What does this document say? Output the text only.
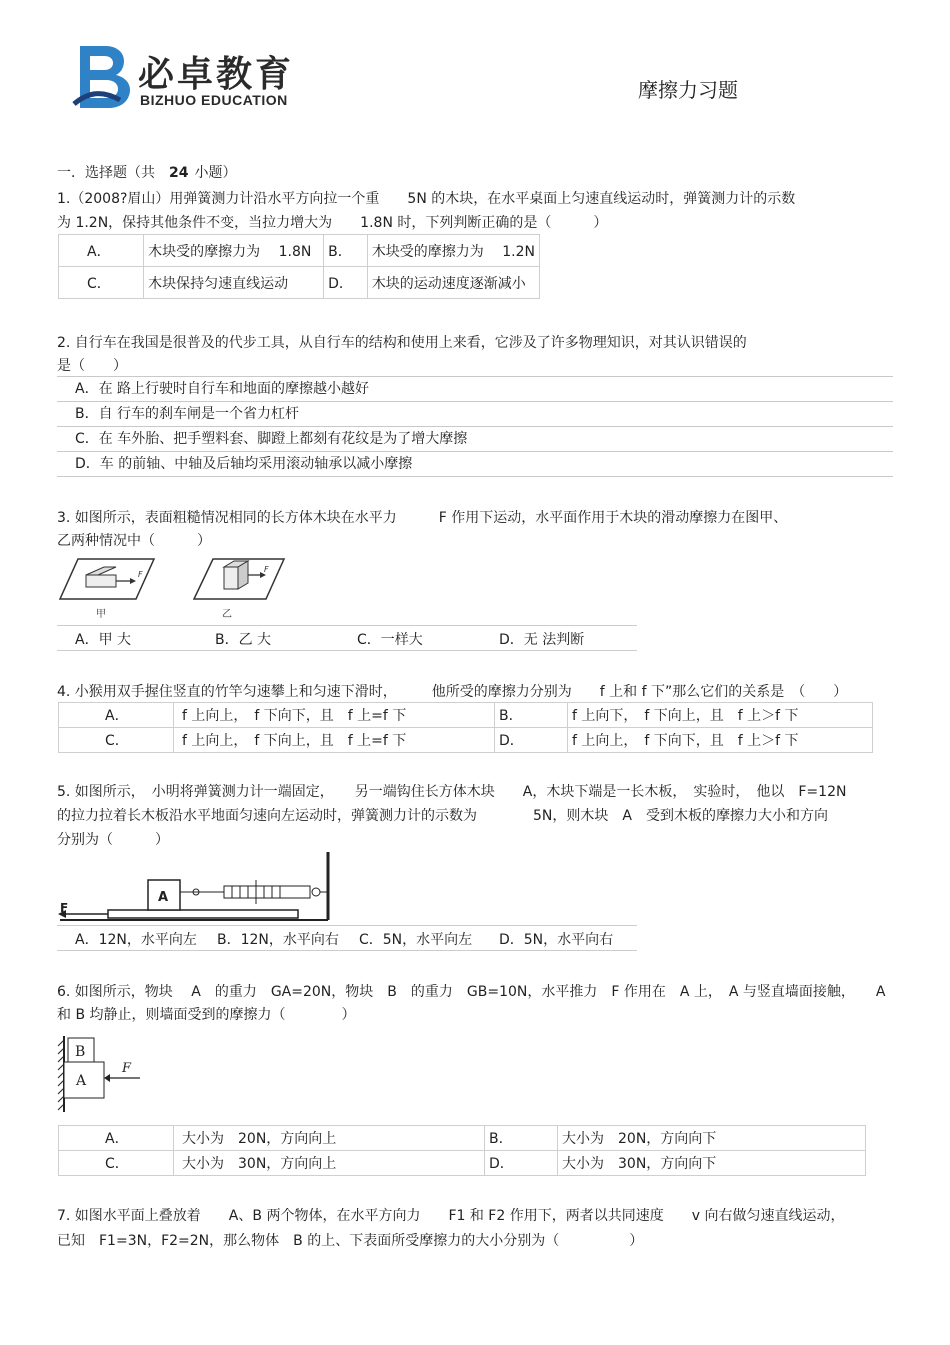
必卓教育
BIZHUO EDUCATION	摩擦力习题
一．选择题（共 24 小题）
1.（2008?眉山）用弹簧测力计沿水平方向拉一个重　　5N 的木块，在水平桌面上匀速直线运动时，弹簧测力计的示数
为 1.2N，保持其他条件不变，当拉力增大为　　1.8N 时，下列判断正确的是（　　　）
A．	木块受的摩擦力为　 1.8N	B．	木块受的摩擦力为　 1.2N
C．	木块保持匀速直线运动	D．	木块的运动速度逐渐减小
2. 自行车在我国是很普及的代步工具，从自行车的结构和使用上来看，它涉及了许多物理知识，对其认识错误的
是（　　）
A．在 路上行驶时自行车和地面的摩擦越小越好
B．自 行车的刹车闸是一个省力杠杆
C．在 车外胎、把手塑料套、脚蹬上都刻有花纹是为了增大摩擦
D．车 的前轴、中轴及后轴均采用滚动轴承以减小摩擦
3. 如图所示，表面粗糙情况相同的长方体木块在水平力　　　F 作用下运动，水平面作用于木块的滑动摩擦力在图甲、
乙两种情况中（　　　）
F
甲
F
乙
A．甲 大	B．乙 大	C．一样大	D．无 法判断
4. 小猴用双手握住竖直的竹竿匀速攀上和匀速下滑时，　　　他所受的摩擦力分别为　　f 上和 f 下”那么它们的关系是　（　　）
A．	f 上向上，　f 下向下，且　f 上=f 下	B．	f 上向下，　f 下向上，且　f 上＞f 下
C．	f 上向上，　f 下向上，且　f 上=f 下	D．	f 上向上，　f 下向下，且　f 上＞f 下
5. 如图所示，　小明将弹簧测力计一端固定，　　另一端钩住长方体木块　　A，木块下端是一长木板，　实验时，　他以　F=12N
的拉力拉着长木板沿水平地面匀速向左运动时，弹簧测力计的示数为　　　　5N，则木块　A　受到木板的摩擦力大小和方向
分别为（　　　）
A
F
A．12N，水平向左 B．12N，水平向右 C．5N，水平向左 D．5N，水平向右
6. 如图所示，物块　 A　的重力　GA=20N，物块　B　的重力　GB=10N，水平推力　F 作用在　A 上，　A 与竖直墙面接触，　　A
和 B 均静止，则墙面受到的摩擦力（　　　　）
B
A
F
A．	大小为　20N，方向向上	B．	大小为　20N，方向向下
C．	大小为　30N，方向向上	D．	大小为　30N，方向向下
7. 如图水平面上叠放着　　A、B 两个物体，在水平方向力　　F1 和 F2 作用下，两者以共同速度　　v 向右做匀速直线运动，
已知　F1=3N，F2=2N，那么物体　B 的上、下表面所受摩擦力的大小分别为（　　　　　）
